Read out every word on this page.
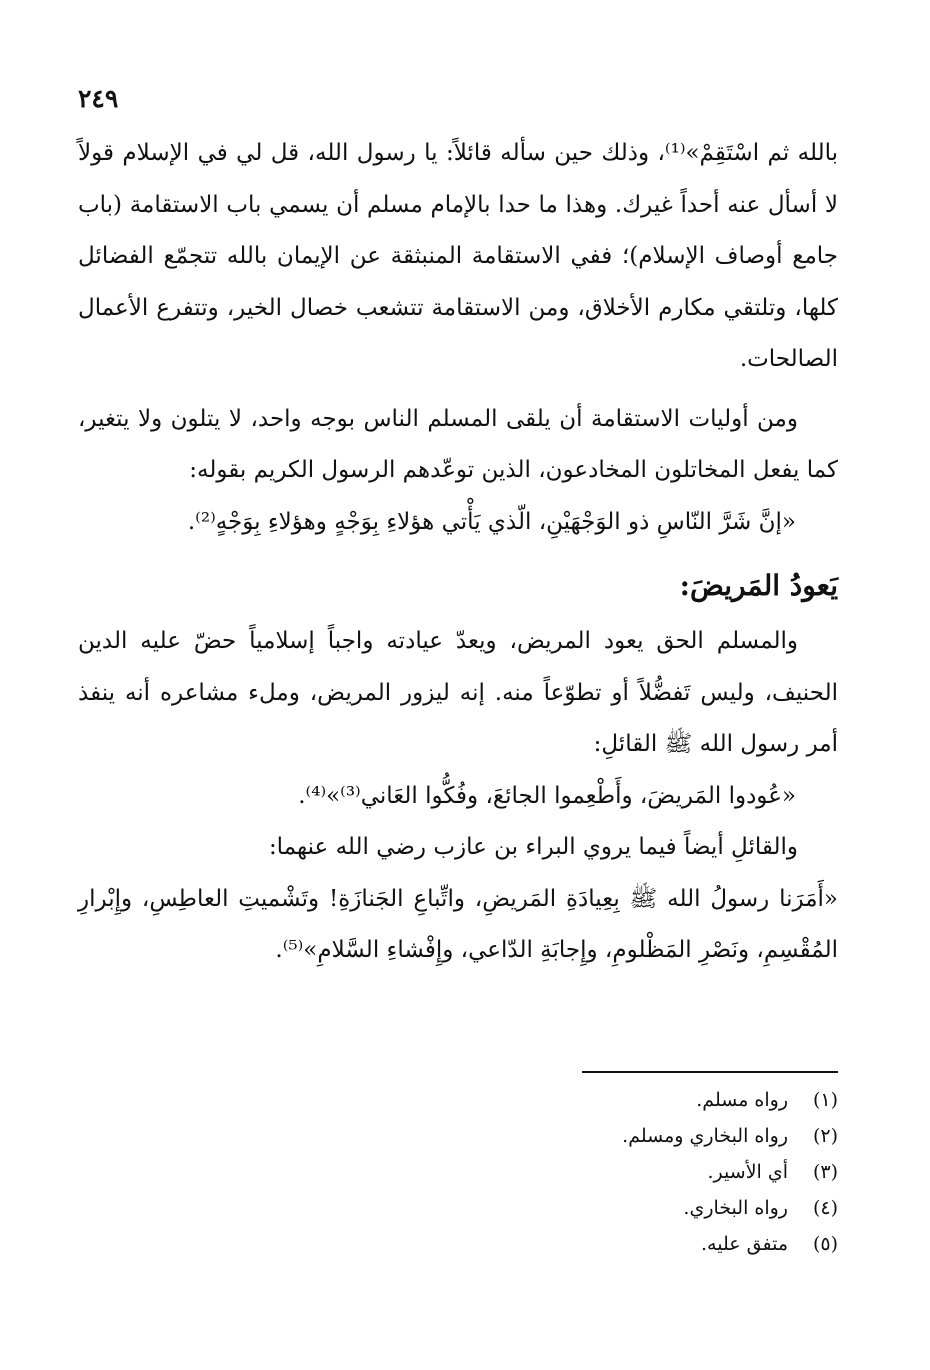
٢٤٩

بالله ثم اسْتَقِمْ»⁽¹⁾، وذلك حين سأله قائلاً: يا رسول الله، قل لي في الإسلام قولاً لا أسأل عنه أحداً غيرك. وهذا ما حدا بالإمام مسلم أن يسمي باب الاستقامة (باب جامع أوصاف الإسلام)؛ ففي الاستقامة المنبثقة عن الإيمان بالله تتجمّع الفضائل كلها، وتلتقي مكارم الأخلاق، ومن الاستقامة تتشعب خصال الخير، وتتفرع الأعمال الصالحات.

ومن أوليات الاستقامة أن يلقى المسلم الناس بوجه واحد، لا يتلون ولا يتغير، كما يفعل المخاتلون المخادعون، الذين توعّدهم الرسول الكريم بقوله:

«إنَّ شَرَّ النّاسِ ذو الوَجْهَيْنِ، الّذي يَأْتي هؤلاءِ بِوَجْهٍ وهؤلاءِ بِوَجْهٍ⁽²⁾.

يَعودُ المَريضَ:

والمسلم الحق يعود المريض، ويعدّ عيادته واجباً إسلامياً حضّ عليه الدين الحنيف، وليس تَفضُّلاً أو تطوّعاً منه. إنه ليزور المريض، وملء مشاعره أنه ينفذ أمر رسول الله ﷺ القائلِ:

«عُودوا المَريضَ، وأَطْعِموا الجائعَ، وفُكُّوا العَاني⁽³⁾»⁽⁴⁾.

والقائلِ أيضاً فيما يروي البراء بن عازب رضي الله عنهما:

«أَمَرَنا رسولُ الله ﷺ بِعِيادَةِ المَريضِ، واتِّباعِ الجَنازَةِ! وتَشْميتِ العاطِسِ، وإِبْرارِ المُقْسِمِ، ونَصْرِ المَظْلومِ، وإِجابَةِ الدّاعي، وإِفْشاءِ السَّلامِ»⁽⁵⁾.

(١)
رواه مسلم.
(٢)
رواه البخاري ومسلم.
(٣)
أي الأسير.
(٤)
رواه البخاري.
(٥)
متفق عليه.
